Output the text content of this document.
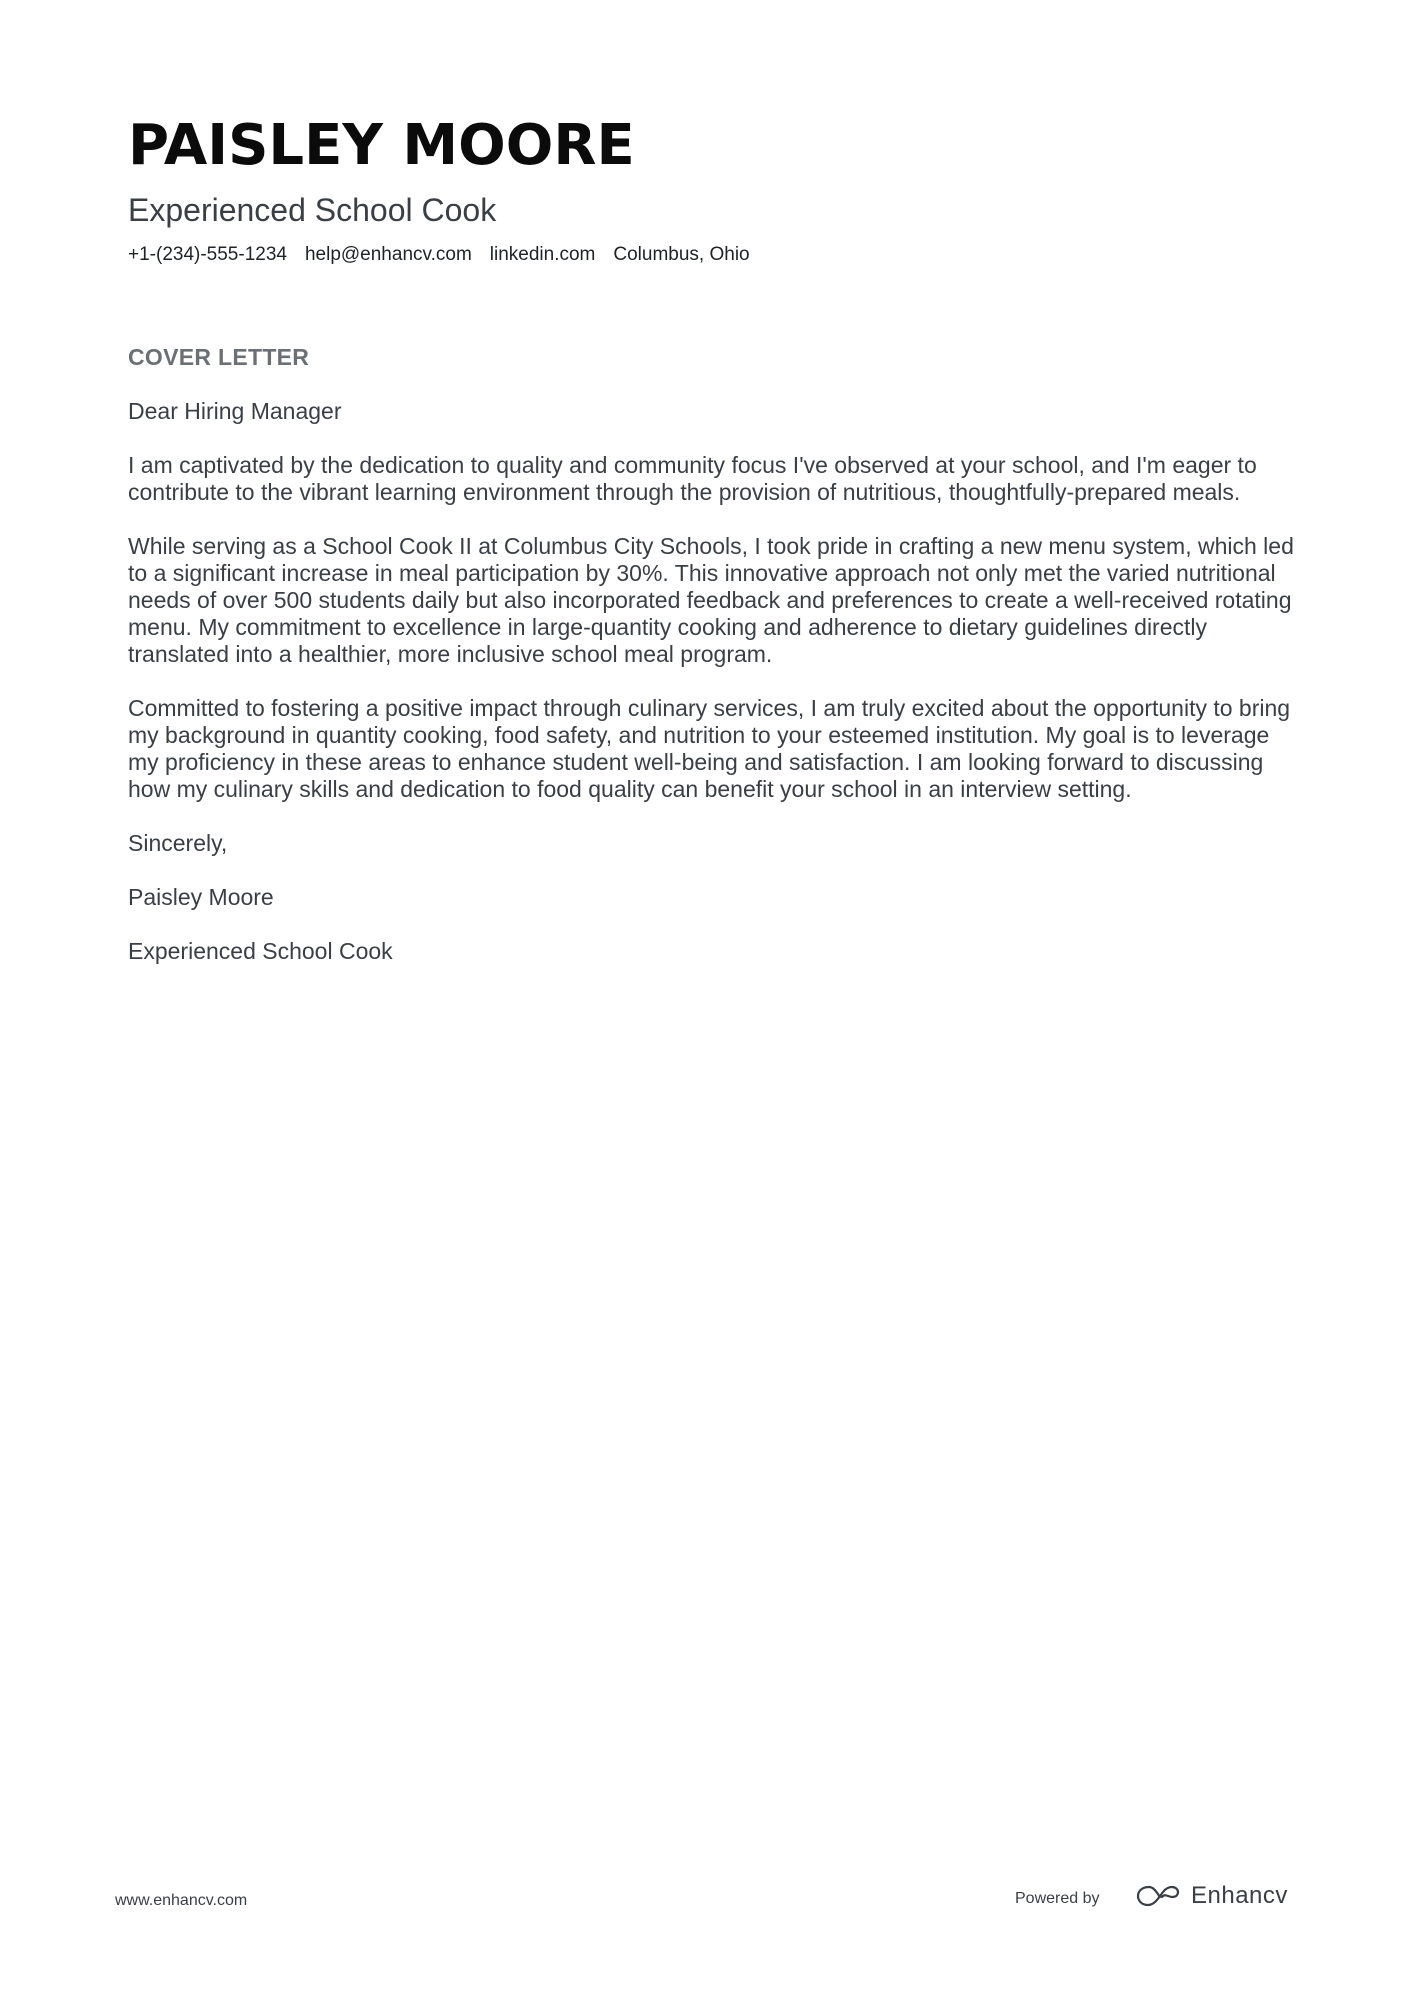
PAISLEY MOORE
Experienced School Cook
+1-(234)-555-1234 help@enhancv.com linkedin.com Columbus, Ohio
COVER LETTER

Dear Hiring Manager

I am captivated by the dedication to quality and community focus I've observed at your school, and I'm eager to contribute to the vibrant learning environment through the provision of nutritious, thoughtfully-prepared meals.

While serving as a School Cook II at Columbus City Schools, I took pride in crafting a new menu system, which led to a significant increase in meal participation by 30%. This innovative approach not only met the varied nutritional needs of over 500 students daily but also incorporated feedback and preferences to create a well-received rotating menu. My commitment to excellence in large-quantity cooking and adherence to dietary guidelines directly translated into a healthier, more inclusive school meal program.

Committed to fostering a positive impact through culinary services, I am truly excited about the opportunity to bring my background in quantity cooking, food safety, and nutrition to your esteemed institution. My goal is to leverage my proficiency in these areas to enhance student well-being and satisfaction. I am looking forward to discussing how my culinary skills and dedication to food quality can benefit your school in an interview setting.

Sincerely,

Paisley Moore

Experienced School Cook

www.enhancv.com	Powered by	Enhancv
